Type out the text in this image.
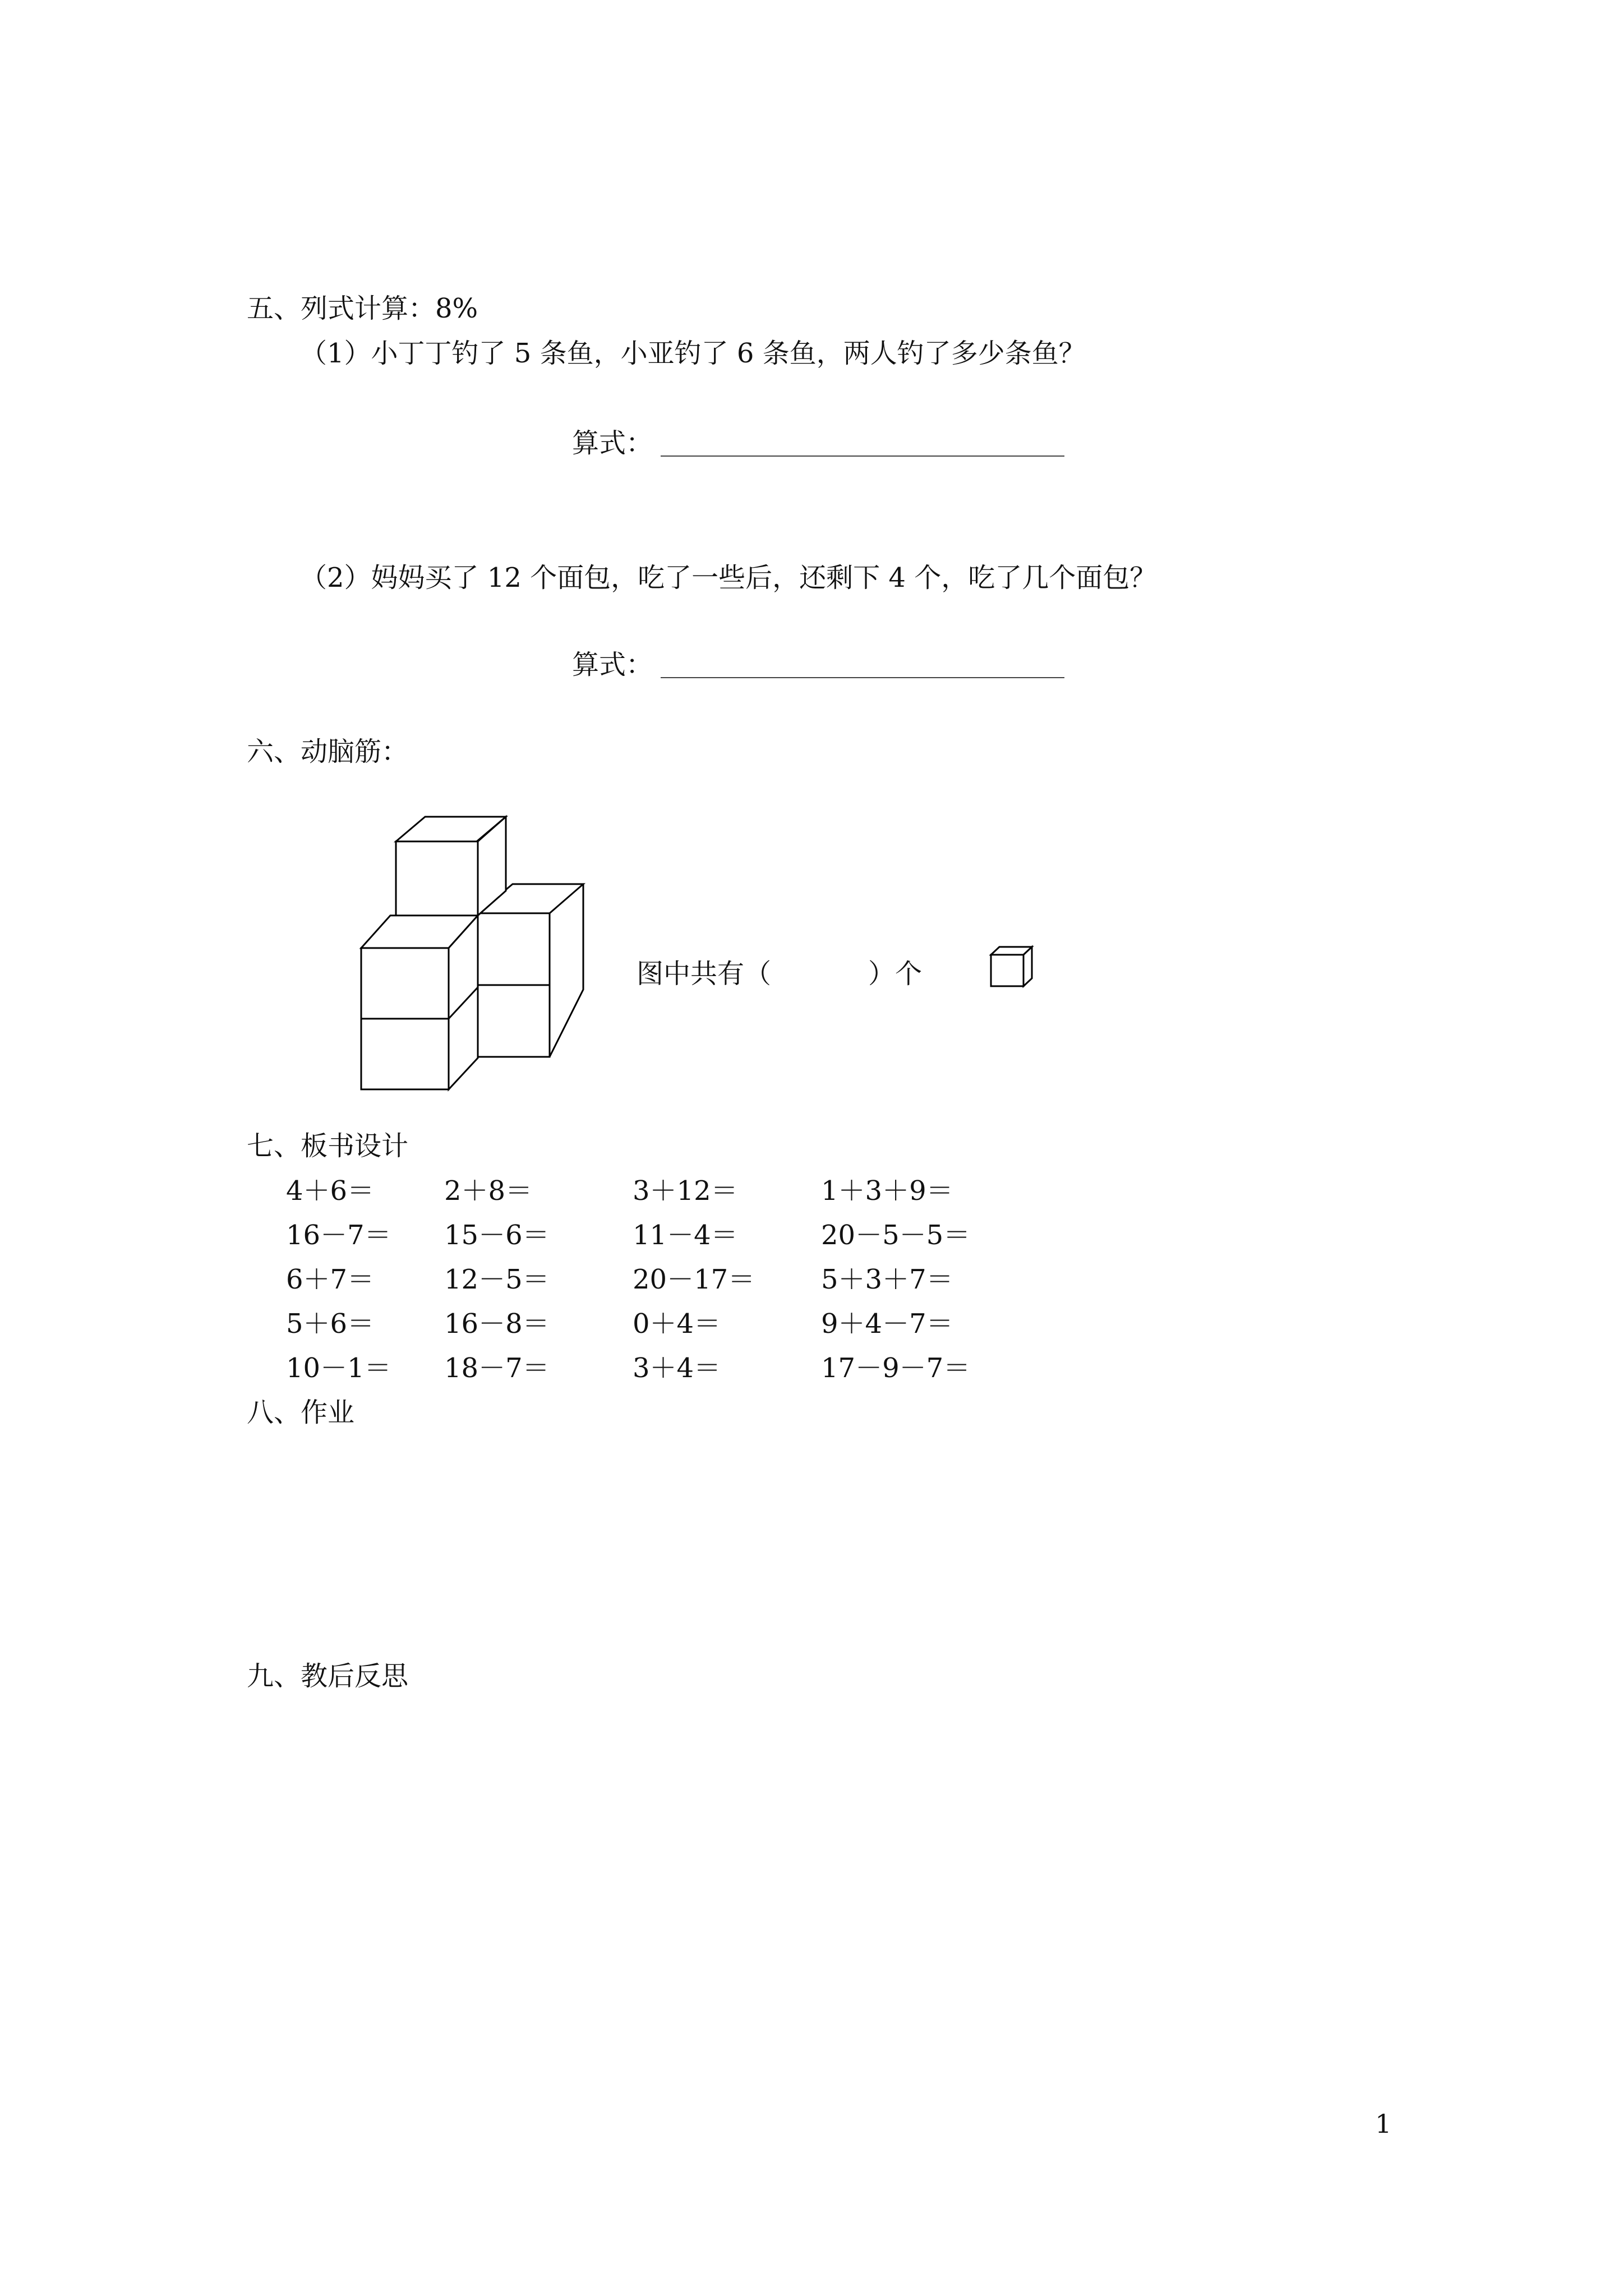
五、列式计算：8%
（1）小丁丁钓了 5 条鱼，小亚钓了 6 条鱼，两人钓了多少条鱼？
算式：
（2）妈妈买了 12 个面包，吃了一些后，还剩下 4 个，吃了几个面包？
算式：
六、动脑筋：
图中共有（	）个
七、板书设计
4＋6＝	2＋8＝	3＋12＝	1＋3＋9＝
16－7＝ 15－6＝	11－4＝	20－5－5＝
6＋7＝	12－5＝	20－17＝ 5＋3＋7＝
5＋6＝	16－8＝	0＋4＝	9＋4－7＝
10－1＝ 18－7＝	3＋4＝	17－9－7＝
八、作业
九、教后反思
1
